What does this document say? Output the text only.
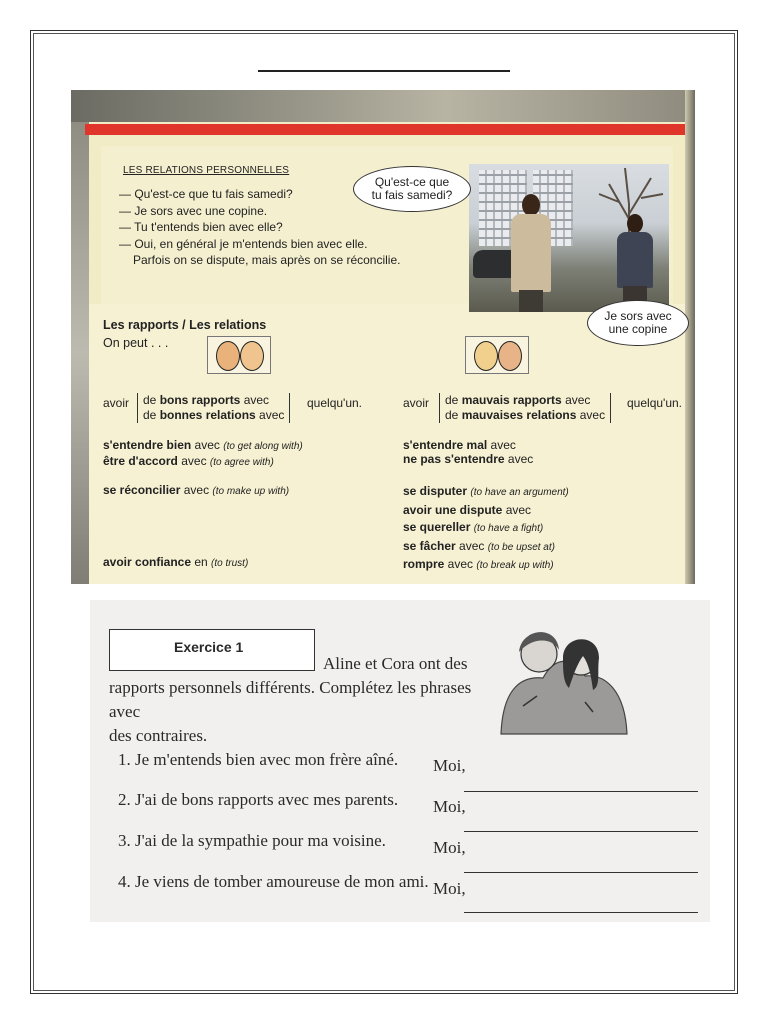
LES RELATIONS PERSONNELLES
— Qu'est-ce que tu fais samedi?
— Je sors avec une copine.
— Tu t'entends bien avec elle?
— Oui, en général je m'entends bien avec elle.
Parfois on se dispute, mais après on se réconcilie.
Qu'est-ce que
tu fais samedi?
Je sors avec
une copine
Les rapports / Les relations
On peut . . .
avoir de bons rapports avec
de bonnes relations avec
quelqu'un.	avoir de mauvais rapports avec
de mauvaises relations avec
quelqu'un.
s'entendre bien avec (to get along with)
être d'accord avec (to agree with)
se réconcilier avec (to make up with)
avoir confiance en (to trust)
s'entendre mal avec
ne pas s'entendre avec
se disputer (to have an argument)
avoir une dispute avec
se quereller (to have a fight)
se fâcher avec (to be upset at)
rompre avec (to break up with)
Exercice 1
Aline et Cora ont des
rapports personnels différents. Complétez les phrases avec
des contraires.
1. Je m'entends bien avec mon frère aîné.
2. J'ai de bons rapports avec mes parents.
3. J'ai de la sympathie pour ma voisine.
4. Je viens de tomber amoureuse de mon ami.
Moi,
Moi,
Moi,
Moi,
